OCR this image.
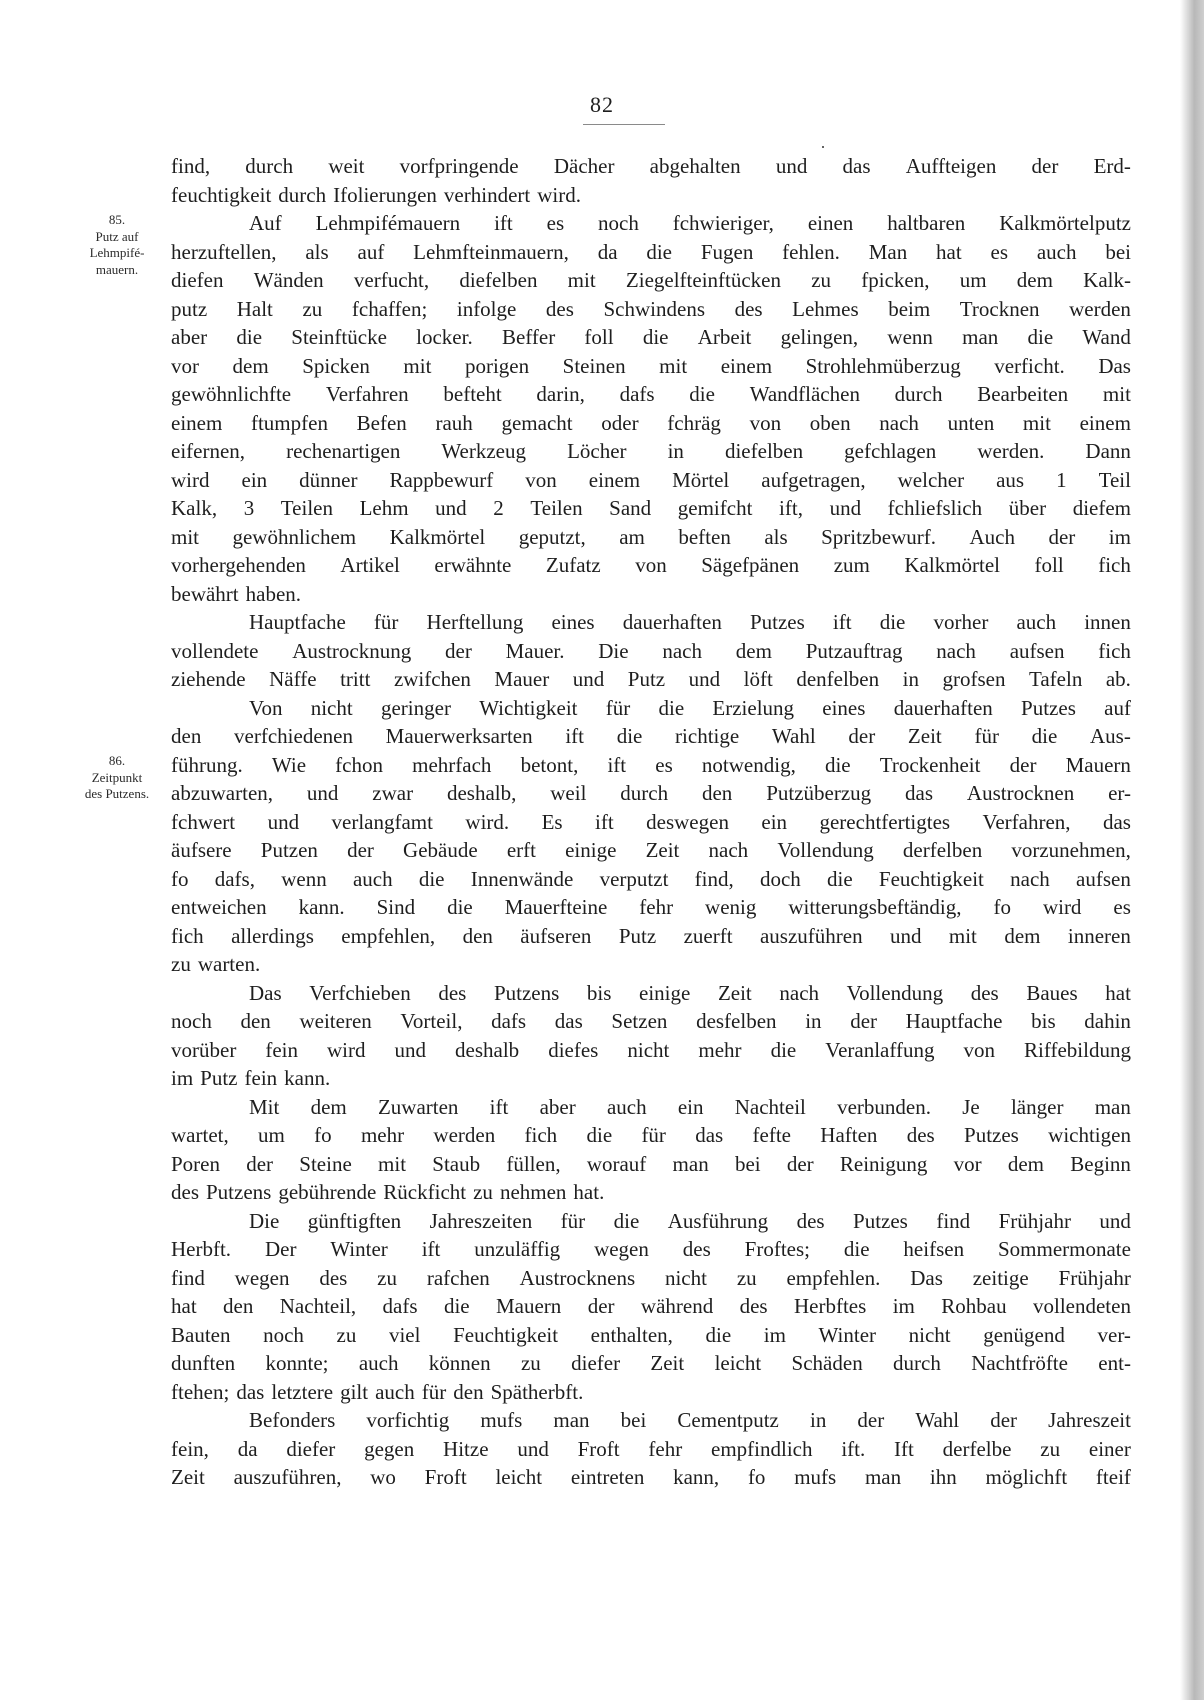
82
85.
Putz auf
Lehmpifé-
mauern.
86.
Zeitpunkt
des Putzens.
find, durch weit vorfpringende Dächer abgehalten und das Auffteigen der Erd-
feuchtigkeit durch Ifolierungen verhindert wird.
Auf Lehmpifémauern ift es noch fchwieriger, einen haltbaren Kalkmörtelputz
herzuftellen, als auf Lehmfteinmauern, da die Fugen fehlen. Man hat es auch bei
diefen Wänden verfucht, diefelben mit Ziegelfteinftücken zu fpicken, um dem Kalk-
putz Halt zu fchaffen; infolge des Schwindens des Lehmes beim Trocknen werden
aber die Steinftücke locker. Beffer foll die Arbeit gelingen, wenn man die Wand
vor dem Spicken mit porigen Steinen mit einem Strohlehmüberzug verficht. Das
gewöhnlichfte Verfahren befteht darin, dafs die Wandflächen durch Bearbeiten mit
einem ftumpfen Befen rauh gemacht oder fchräg von oben nach unten mit einem
eifernen, rechenartigen Werkzeug Löcher in diefelben gefchlagen werden. Dann
wird ein dünner Rappbewurf von einem Mörtel aufgetragen, welcher aus 1 Teil
Kalk, 3 Teilen Lehm und 2 Teilen Sand gemifcht ift, und fchliefslich über diefem
mit gewöhnlichem Kalkmörtel geputzt, am beften als Spritzbewurf. Auch der im
vorhergehenden Artikel erwähnte Zufatz von Sägefpänen zum Kalkmörtel foll fich
bewährt haben.
Hauptfache für Herftellung eines dauerhaften Putzes ift die vorher auch innen
vollendete Austrocknung der Mauer. Die nach dem Putzauftrag nach aufsen fich
ziehende Näffe tritt zwifchen Mauer und Putz und löft denfelben in grofsen Tafeln ab.
Von nicht geringer Wichtigkeit für die Erzielung eines dauerhaften Putzes auf
den verfchiedenen Mauerwerksarten ift die richtige Wahl der Zeit für die Aus-
führung. Wie fchon mehrfach betont, ift es notwendig, die Trockenheit der Mauern
abzuwarten, und zwar deshalb, weil durch den Putzüberzug das Austrocknen er-
fchwert und verlangfamt wird. Es ift deswegen ein gerechtfertigtes Verfahren, das
äufsere Putzen der Gebäude erft einige Zeit nach Vollendung derfelben vorzunehmen,
fo dafs, wenn auch die Innenwände verputzt find, doch die Feuchtigkeit nach aufsen
entweichen kann. Sind die Mauerfteine fehr wenig witterungsbeftändig, fo wird es
fich allerdings empfehlen, den äufseren Putz zuerft auszuführen und mit dem inneren
zu warten.
Das Verfchieben des Putzens bis einige Zeit nach Vollendung des Baues hat
noch den weiteren Vorteil, dafs das Setzen desfelben in der Hauptfache bis dahin
vorüber fein wird und deshalb diefes nicht mehr die Veranlaffung von Riffebildung
im Putz fein kann.
Mit dem Zuwarten ift aber auch ein Nachteil verbunden. Je länger man
wartet, um fo mehr werden fich die für das fefte Haften des Putzes wichtigen
Poren der Steine mit Staub füllen, worauf man bei der Reinigung vor dem Beginn
des Putzens gebührende Rückficht zu nehmen hat.
Die günftigften Jahreszeiten für die Ausführung des Putzes find Frühjahr und
Herbft. Der Winter ift unzuläffig wegen des Froftes; die heifsen Sommermonate
find wegen des zu rafchen Austrocknens nicht zu empfehlen. Das zeitige Frühjahr
hat den Nachteil, dafs die Mauern der während des Herbftes im Rohbau vollendeten
Bauten noch zu viel Feuchtigkeit enthalten, die im Winter nicht genügend ver-
dunften konnte; auch können zu diefer Zeit leicht Schäden durch Nachtfröfte ent-
ftehen; das letztere gilt auch für den Spätherbft.
Befonders vorfichtig mufs man bei Cementputz in der Wahl der Jahreszeit
fein, da diefer gegen Hitze und Froft fehr empfindlich ift. Ift derfelbe zu einer
Zeit auszuführen, wo Froft leicht eintreten kann, fo mufs man ihn möglichft fteif
